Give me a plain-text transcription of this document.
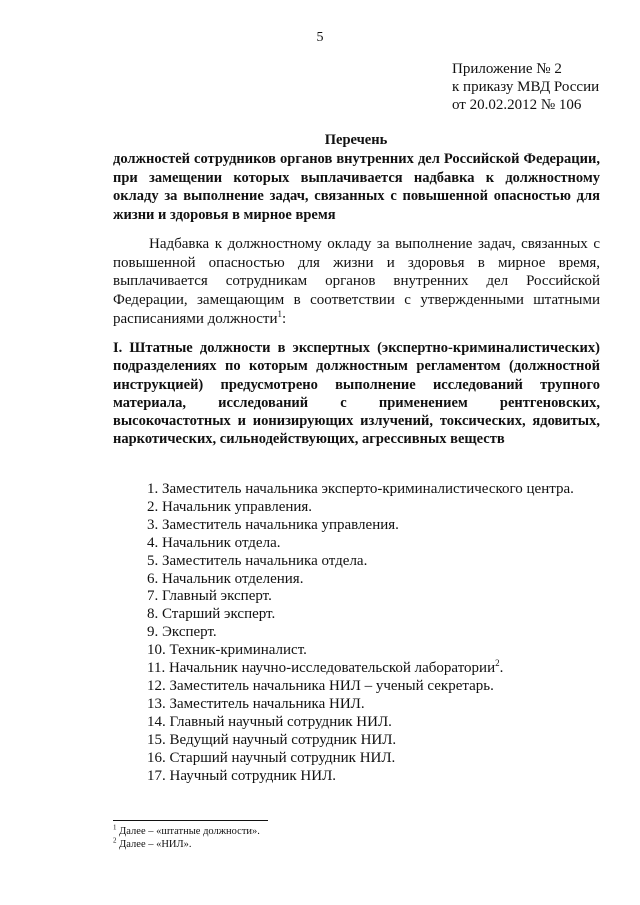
5
Приложение № 2
к приказу МВД России
от 20.02.2012 № 106
Перечень
должностей сотрудников органов внутренних дел Российской Федерации, при замещении которых выплачивается надбавка к должностному окладу за выполнение задач, связанных с повышенной опасностью для жизни и здоровья в мирное время
Надбавка к должностному окладу за выполнение задач, связанных с повышенной опасностью для жизни и здоровья в мирное время, выплачивается сотрудникам органов внутренних дел Российской Федерации, замещающим в соответствии с утвержденными штатными расписаниями должности$^1$:
I. Штатные должности в экспертных (экспертно-криминалистических) подразделениях по которым должностным регламентом (должностной инструкцией) предусмотрено выполнение исследований трупного материала, исследований с применением рентгеновских, высокочастотных и ионизирующих излучений, токсических, ядовитых, наркотических, сильнодействующих, агрессивных веществ
1. Заместитель начальника эксперто-криминалистического центра.
2. Начальник управления.
3. Заместитель начальника управления.
4. Начальник отдела.
5. Заместитель начальника отдела.
6. Начальник отделения.
7. Главный эксперт.
8. Старший эксперт.
9. Эксперт.
10. Техник-криминалист.
11. Начальник научно-исследовательской лаборатории$^2$.
12. Заместитель начальника НИЛ – ученый секретарь.
13. Заместитель начальника НИЛ.
14. Главный научный сотрудник НИЛ.
15. Ведущий научный сотрудник НИЛ.
16. Старший научный сотрудник НИЛ.
17. Научный сотрудник НИЛ.
$^1$ Далее – «штатные должности».
$^2$ Далее – «НИЛ».
